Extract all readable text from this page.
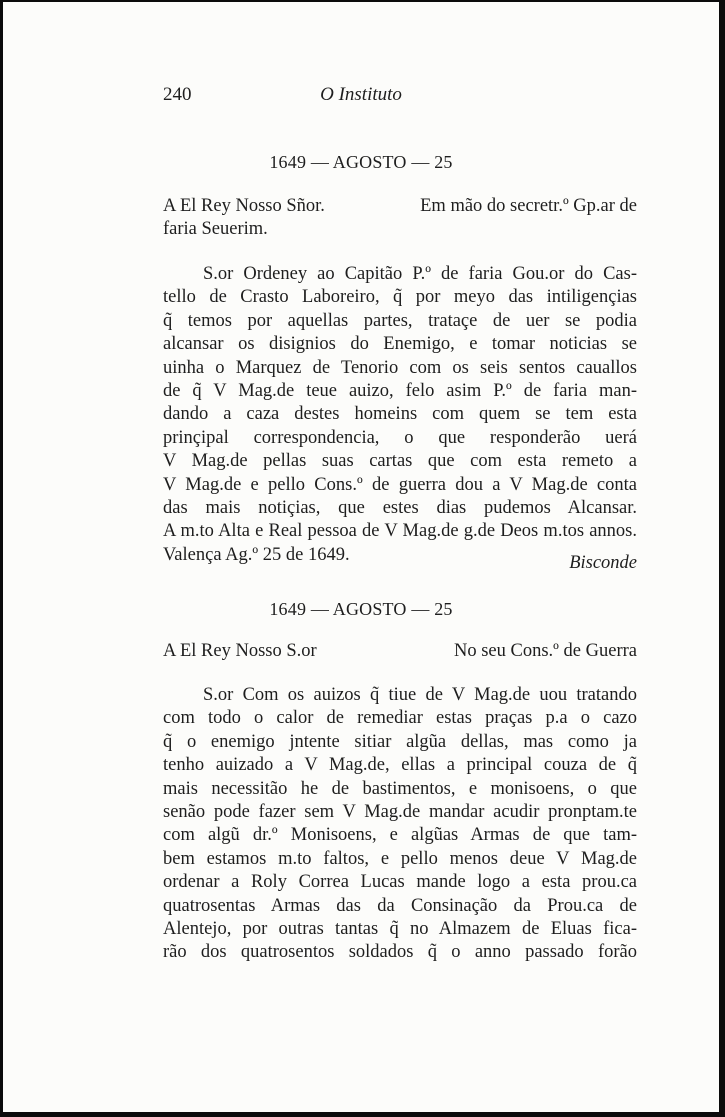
240	O Instituto
1649 — AGOSTO — 25
A El Rey Nosso Sñor.	Em mão do secretr.º Gp.ar de
faria Seuerim.
S.or Ordeney ao Capitão P.º de faria Gou.or do Cas-
tello de Crasto Laboreiro, q̃ por meyo das intiligençias
q̃ temos por aquellas partes, trataçe de uer se podia
alcansar os disignios do Enemigo, e tomar noticias se
uinha o Marquez de Tenorio com os seis sentos cauallos
de q̃ V Mag.de teue auizo, felo asim P.º de faria man-
dando a caza destes homeins com quem se tem esta
prinçipal correspondencia, o que responderão uerá
V Mag.de pellas suas cartas que com esta remeto a
V Mag.de e pello Cons.º de guerra dou a V Mag.de conta
das mais notiçias, que estes dias pudemos Alcansar.
A m.to Alta e Real pessoa de V Mag.de g.de Deos m.tos annos.
Valença Ag.º 25 de 1649.	Bisconde
1649 — AGOSTO — 25
A El Rey Nosso S.or	No seu Cons.º de Guerra
S.or Com os auizos q̃ tiue de V Mag.de uou tratando
com todo o calor de remediar estas praças p.a o cazo
q̃ o enemigo jntente sitiar algũa dellas, mas como ja
tenho auizado a V Mag.de, ellas a principal couza de q̃
mais necessitão he de bastimentos, e monisoens, o que
senão pode fazer sem V Mag.de mandar acudir pronptam.te
com algũ dr.º Monisoens, e algũas Armas de que tam-
bem estamos m.to faltos, e pello menos deue V Mag.de
ordenar a Roly Correa Lucas mande logo a esta prou.ca
quatrosentas Armas das da Consinação da Prou.ca de
Alentejo, por outras tantas q̃ no Almazem de Eluas fica-
rão dos quatrosentos soldados q̃ o anno passado forão
